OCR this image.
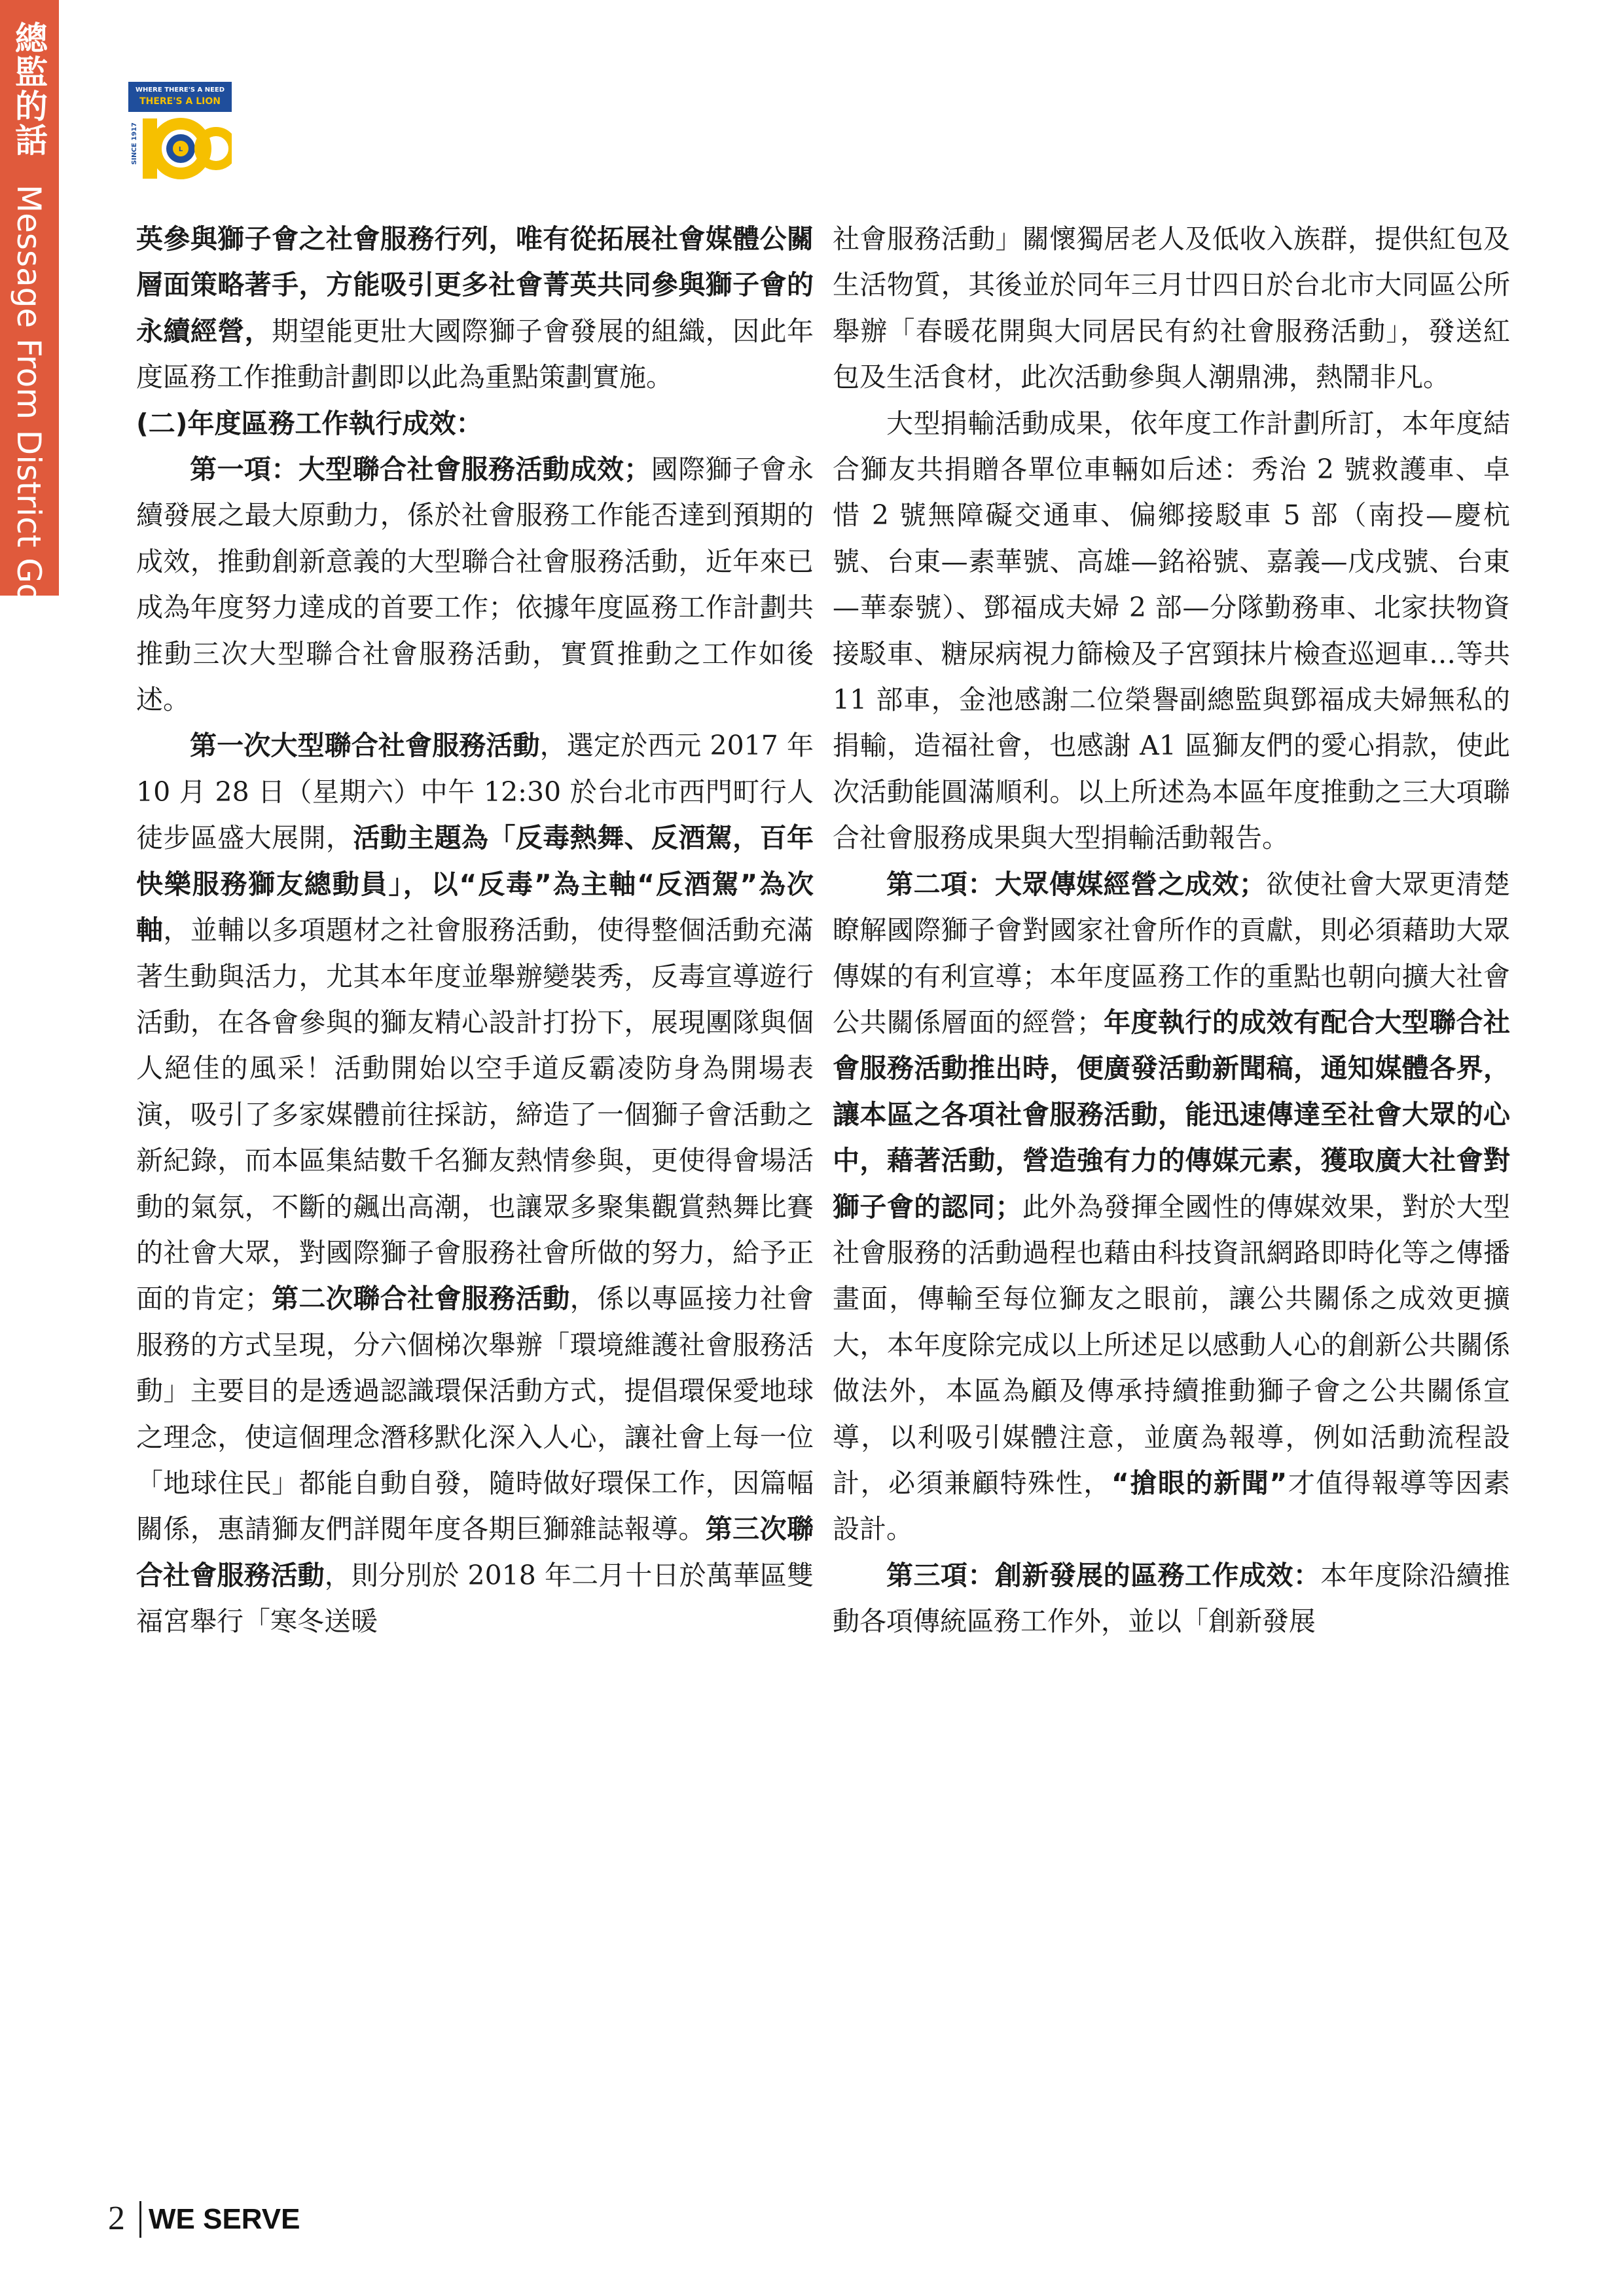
總監的話 Message From District Governor
WHERE THERE'S A NEED
THERE'S A LION
L
SINCE 1917

英參與獅子會之社會服務行列，唯有從拓展社會媒體公關層面策略著手，方能吸引更多社會菁英共同參與獅子會的永續經營，期望能更壯大國際獅子會發展的組織，因此年度區務工作推動計劃即以此為重點策劃實施。

(二)年度區務工作執行成效：

第一項：大型聯合社會服務活動成效；國際獅子會永續發展之最大原動力，係於社會服務工作能否達到預期的成效，推動創新意義的大型聯合社會服務活動，近年來已成為年度努力達成的首要工作；依據年度區務工作計劃共推動三次大型聯合社會服務活動，實質推動之工作如後述。

第一次大型聯合社會服務活動，選定於西元 2017 年 10 月 28 日（星期六）中午 12:30 於台北市西門町行人徒步區盛大展開，活動主題為「反毒熱舞、反酒駕，百年快樂服務獅友總動員」，以“反毒”為主軸“反酒駕”為次軸，並輔以多項題材之社會服務活動，使得整個活動充滿著生動與活力，尤其本年度並舉辦變裝秀，反毒宣導遊行活動，在各會參與的獅友精心設計打扮下，展現團隊與個人絕佳的風采！活動開始以空手道反霸凌防身為開場表演，吸引了多家媒體前往採訪，締造了一個獅子會活動之新紀錄，而本區集結數千名獅友熱情參與，更使得會場活動的氣氛，不斷的飆出高潮，也讓眾多聚集觀賞熱舞比賽的社會大眾，對國際獅子會服務社會所做的努力，給予正面的肯定；第二次聯合社會服務活動，係以專區接力社會服務的方式呈現，分六個梯次舉辦「環境維護社會服務活動」主要目的是透過認識環保活動方式，提倡環保愛地球之理念，使這個理念潛移默化深入人心，讓社會上每一位「地球住民」都能自動自發，隨時做好環保工作，因篇幅關係，惠請獅友們詳閱年度各期巨獅雜誌報導。第三次聯合社會服務活動，則分別於 2018 年二月十日於萬華區雙福宮舉行「寒冬送暖

社會服務活動」關懷獨居老人及低收入族群，提供紅包及生活物質，其後並於同年三月廿四日於台北市大同區公所舉辦「春暖花開與大同居民有約社會服務活動」，發送紅包及生活食材，此次活動參與人潮鼎沸，熱鬧非凡。

大型捐輸活動成果，依年度工作計劃所訂，本年度結合獅友共捐贈各單位車輛如后述：秀治 2 號救護車、卓惜 2 號無障礙交通車、偏鄉接駁車 5 部（南投—慶杭號、台東—素華號、高雄—銘裕號、嘉義—戊戌號、台東—華泰號）、鄧福成夫婦 2 部—分隊勤務車、北家扶物資接駁車、糖尿病視力篩檢及子宮頸抹片檢查巡迴車…等共 11 部車，金池感謝二位榮譽副總監與鄧福成夫婦無私的捐輸，造福社會，也感謝 A1 區獅友們的愛心捐款，使此次活動能圓滿順利。以上所述為本區年度推動之三大項聯合社會服務成果與大型捐輸活動報告。

第二項：大眾傳媒經營之成效；欲使社會大眾更清楚瞭解國際獅子會對國家社會所作的貢獻，則必須藉助大眾傳媒的有利宣導；本年度區務工作的重點也朝向擴大社會公共關係層面的經營；年度執行的成效有配合大型聯合社會服務活動推出時，便廣發活動新聞稿，通知媒體各界，讓本區之各項社會服務活動，能迅速傳達至社會大眾的心中，藉著活動，營造強有力的傳媒元素，獲取廣大社會對獅子會的認同；此外為發揮全國性的傳媒效果，對於大型社會服務的活動過程也藉由科技資訊網路即時化等之傳播畫面，傳輸至每位獅友之眼前，讓公共關係之成效更擴大，本年度除完成以上所述足以感動人心的創新公共關係做法外，本區為顧及傳承持續推動獅子會之公共關係宣導，以利吸引媒體注意，並廣為報導，例如活動流程設計，必須兼顧特殊性，“搶眼的新聞”才值得報導等因素設計。

第三項：創新發展的區務工作成效：本年度除沿續推動各項傳統區務工作外，並以「創新發展

2 WE SERVE
